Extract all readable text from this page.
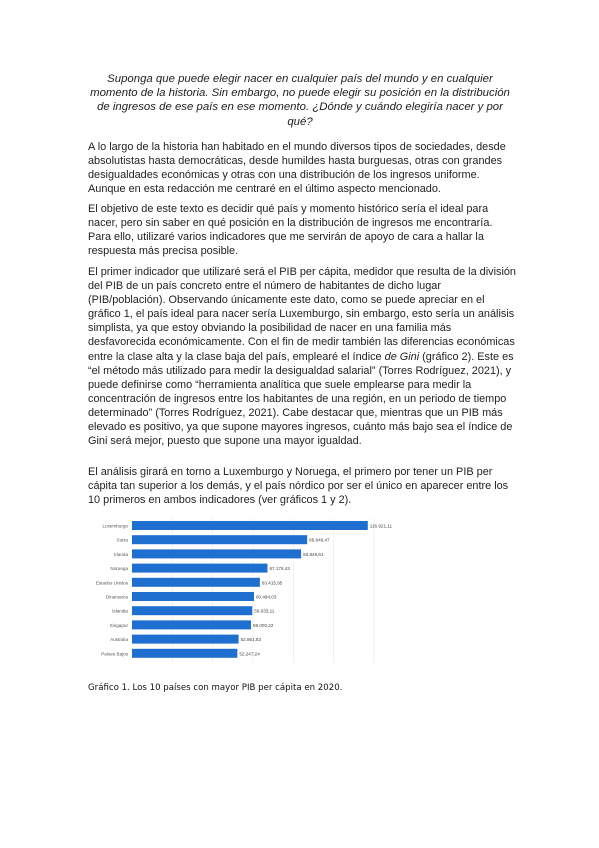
Suponga que puede elegir nacer en cualquier país del mundo y en cualquier momento de la historia. Sin embargo, no puede elegir su posición en la distribución de ingresos de ese país en ese momento. ¿Dónde y cuándo elegiría nacer y por qué?

A lo largo de la historia han habitado en el mundo diversos tipos de sociedades, desde absolutistas hasta democráticas, desde humildes hasta burguesas, otras con grandes desigualdades económicas y otras con una distribución de los ingresos uniforme. Aunque en esta redacción me centraré en el último aspecto mencionado.

El objetivo de este texto es decidir qué país y momento histórico sería el ideal para nacer, pero sin saber en qué posición en la distribución de ingresos me encontraría. Para ello, utilizaré varios indicadores que me servirán de apoyo de cara a hallar la respuesta más precisa posible.

El primer indicador que utilizaré será el PIB per cápita, medidor que resulta de la división del PIB de un país concreto entre el número de habitantes de dicho lugar (PIB/población). Observando únicamente este dato, como se puede apreciar en el gráfico 1, el país ideal para nacer sería Luxemburgo, sin embargo, esto sería un análisis simplista, ya que estoy obviando la posibilidad de nacer en una familia más desfavorecida económicamente. Con el fin de medir también las diferencias económicas entre la clase alta y la clase baja del país, emplearé el índice de Gini (gráfico 2). Este es “el método más utilizado para medir la desigualdad salarial” (Torres Rodríguez, 2021), y puede definirse como “herramienta analítica que suele emplearse para medir la concentración de ingresos entre los habitantes de una región, en un periodo de tiempo determinado” (Torres Rodríguez, 2021). Cabe destacar que, mientras que un PIB más elevado es positivo, ya que supone mayores ingresos, cuánto más bajo sea el índice de Gini será mejor, puesto que supone una mayor igualdad.

El análisis girará en torno a Luxemburgo y Noruega, el primero por tener un PIB per cápita tan superior a los demás, y el país nórdico por ser el único en aparecer entre los 10 primeros en ambos indicadores (ver gráficos 1 y 2).

Luxemburgo	116.921,11
Suiza	86.849,47
Irlanda	83.849,61
Noruega	67.176,43
Estados Unidos	63.415,95
Dinamarca	60.494,03
Islandia	59.633,11
Singapur	59.000,22
Australia	52.861,83
Países Bajos	52.247,24
Gráfico 1. Los 10 países con mayor PIB per cápita en 2020.
